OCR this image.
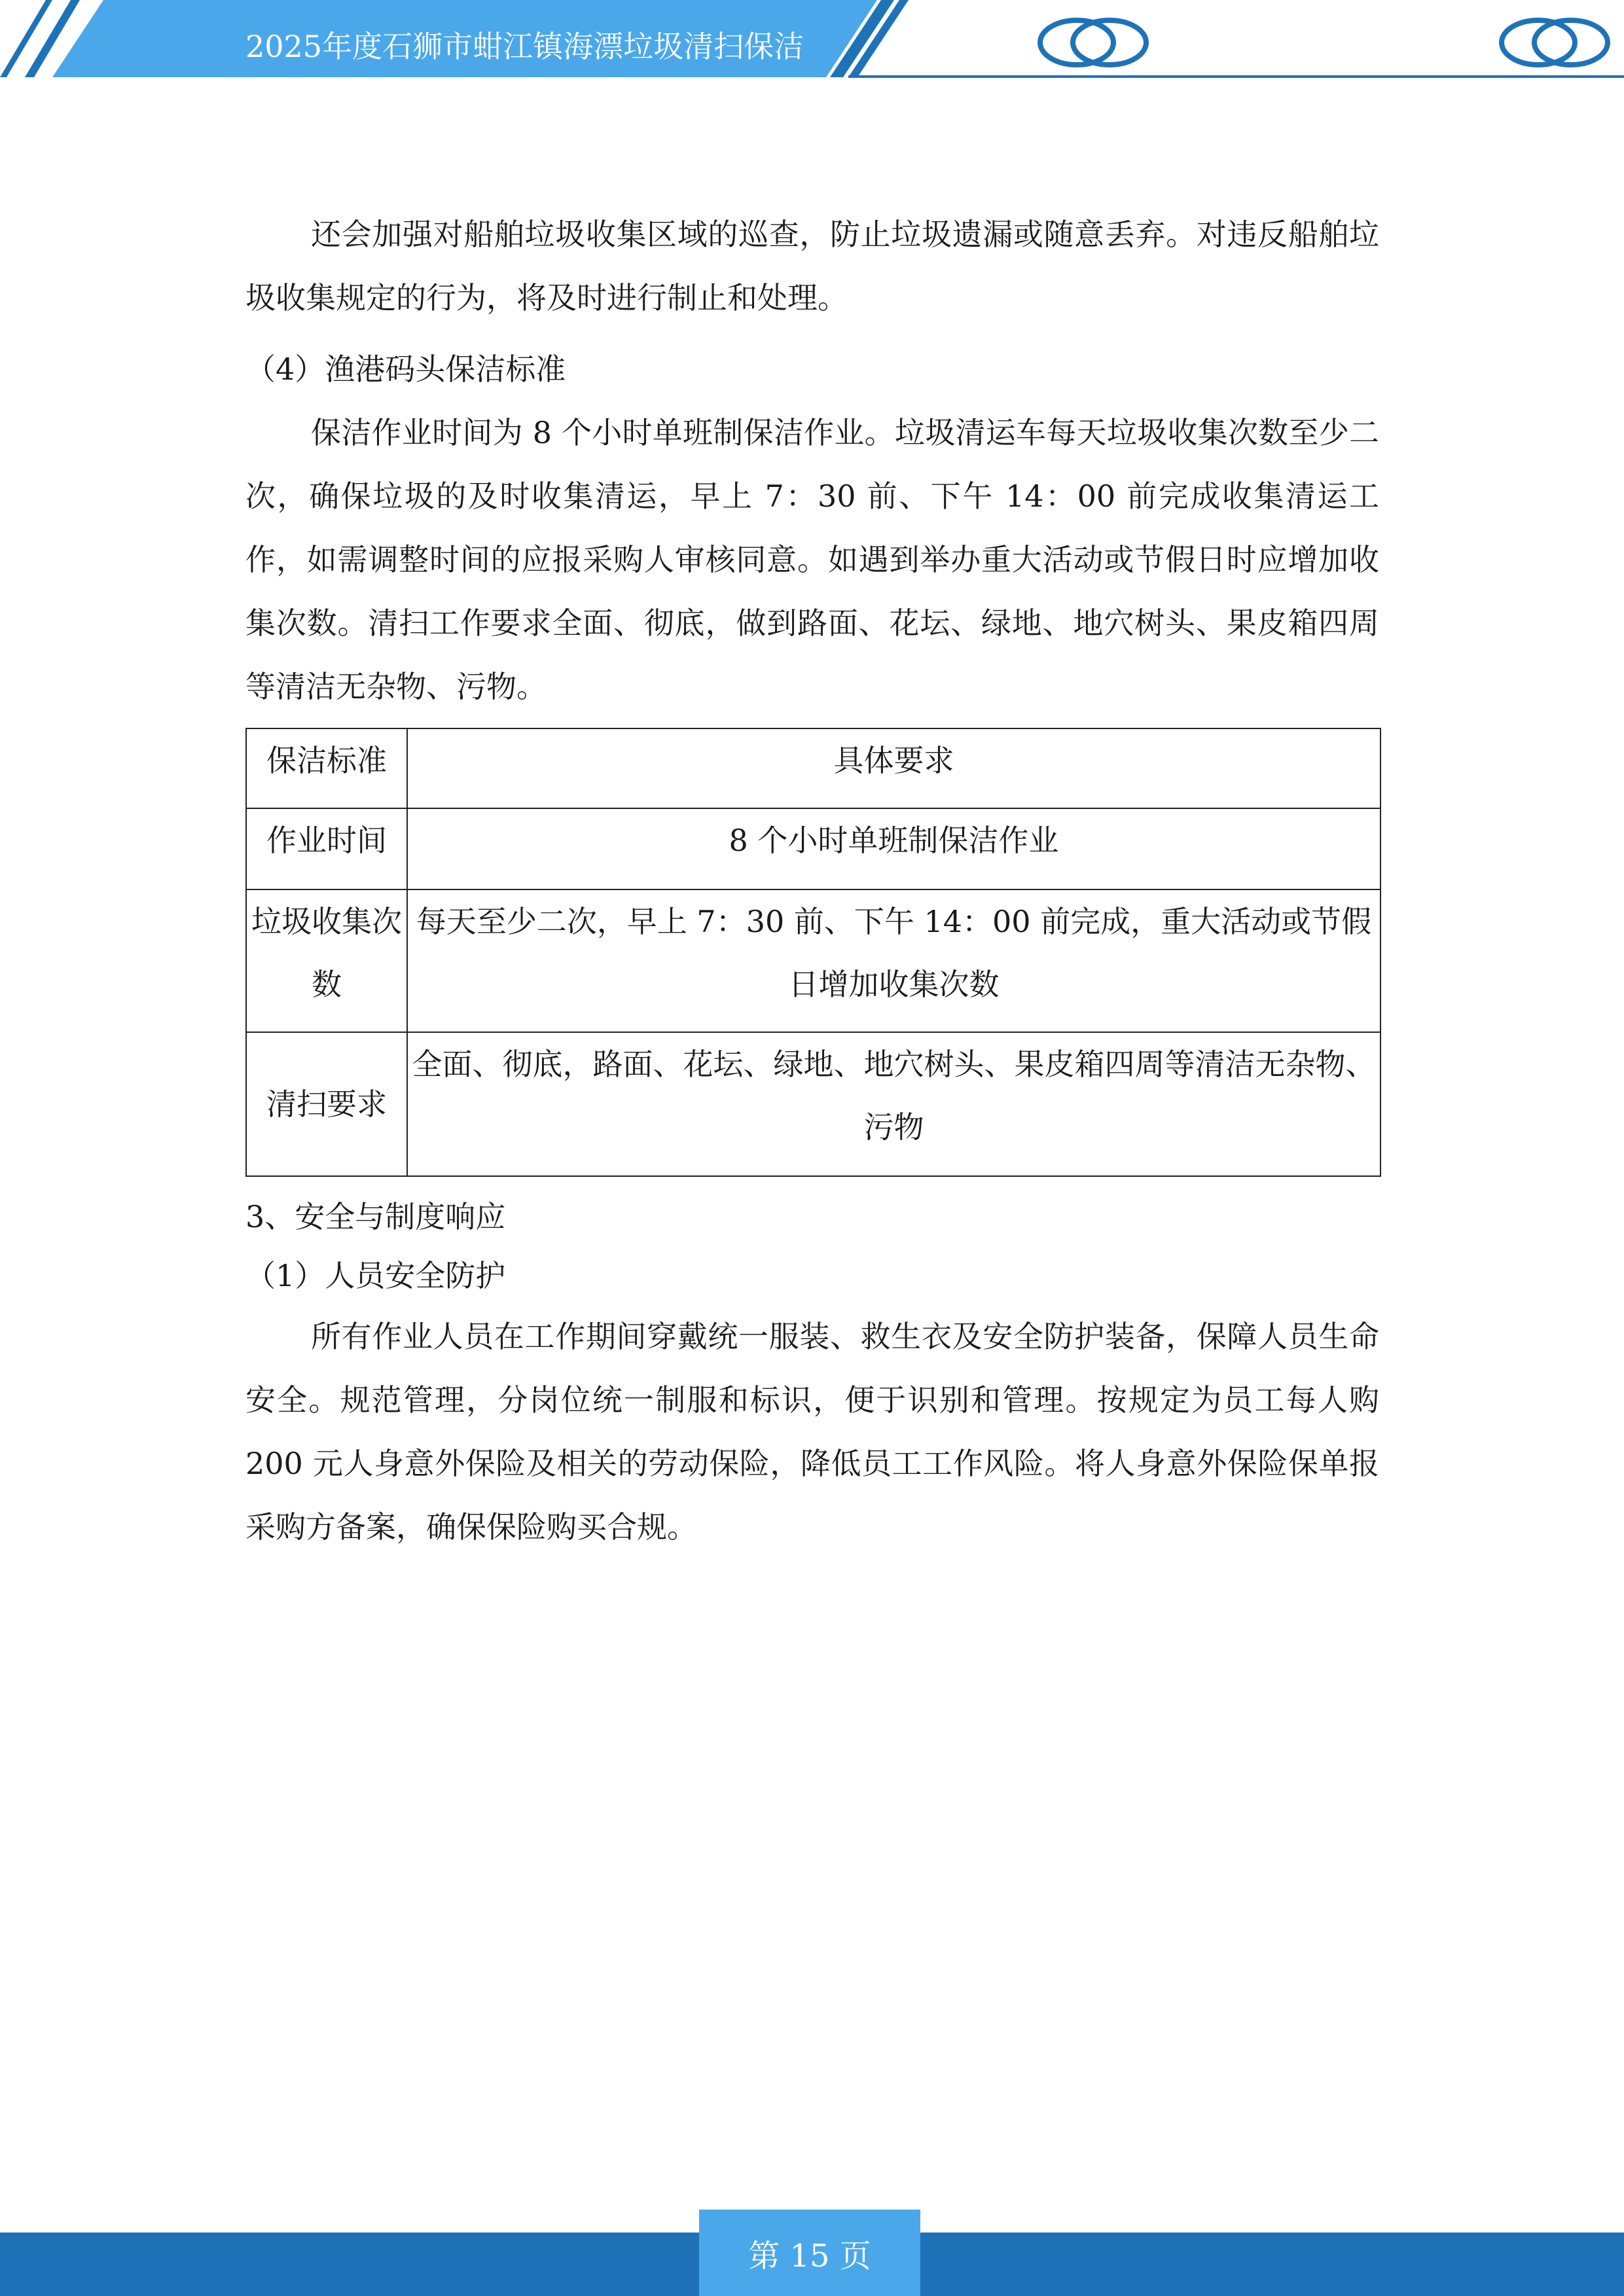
2025年度石狮市蚶江镇海漂垃圾清扫保洁

还会加强对船舶垃圾收集区域的巡查，防止垃圾遗漏或随意丢弃。对违反船舶垃圾收集规定的行为，将及时进行制止和处理。

（4）渔港码头保洁标准

保洁作业时间为 8 个小时单班制保洁作业。垃圾清运车每天垃圾收集次数至少二次，确保垃圾的及时收集清运，早上 7：30 前、下午 14：00 前完成收集清运工作，如需调整时间的应报采购人审核同意。如遇到举办重大活动或节假日时应增加收集次数。清扫工作要求全面、彻底，做到路面、花坛、绿地、地穴树头、果皮箱四周等清洁无杂物、污物。

保洁标准	具体要求
作业时间	8 个小时单班制保洁作业
垃圾收集次数	每天至少二次，早上 7：30 前、下午 14：00 前完成，重大活动或节假日增加收集次数
清扫要求	全面、彻底，路面、花坛、绿地、地穴树头、果皮箱四周等清洁无杂物、污物

3、安全与制度响应

（1）人员安全防护

所有作业人员在工作期间穿戴统一服装、救生衣及安全防护装备，保障人员生命安全。规范管理，分岗位统一制服和标识，便于识别和管理。按规定为员工每人购 200 元人身意外保险及相关的劳动保险，降低员工工作风险。将人身意外保险保单报采购方备案，确保保险购买合规。

第 15 页
